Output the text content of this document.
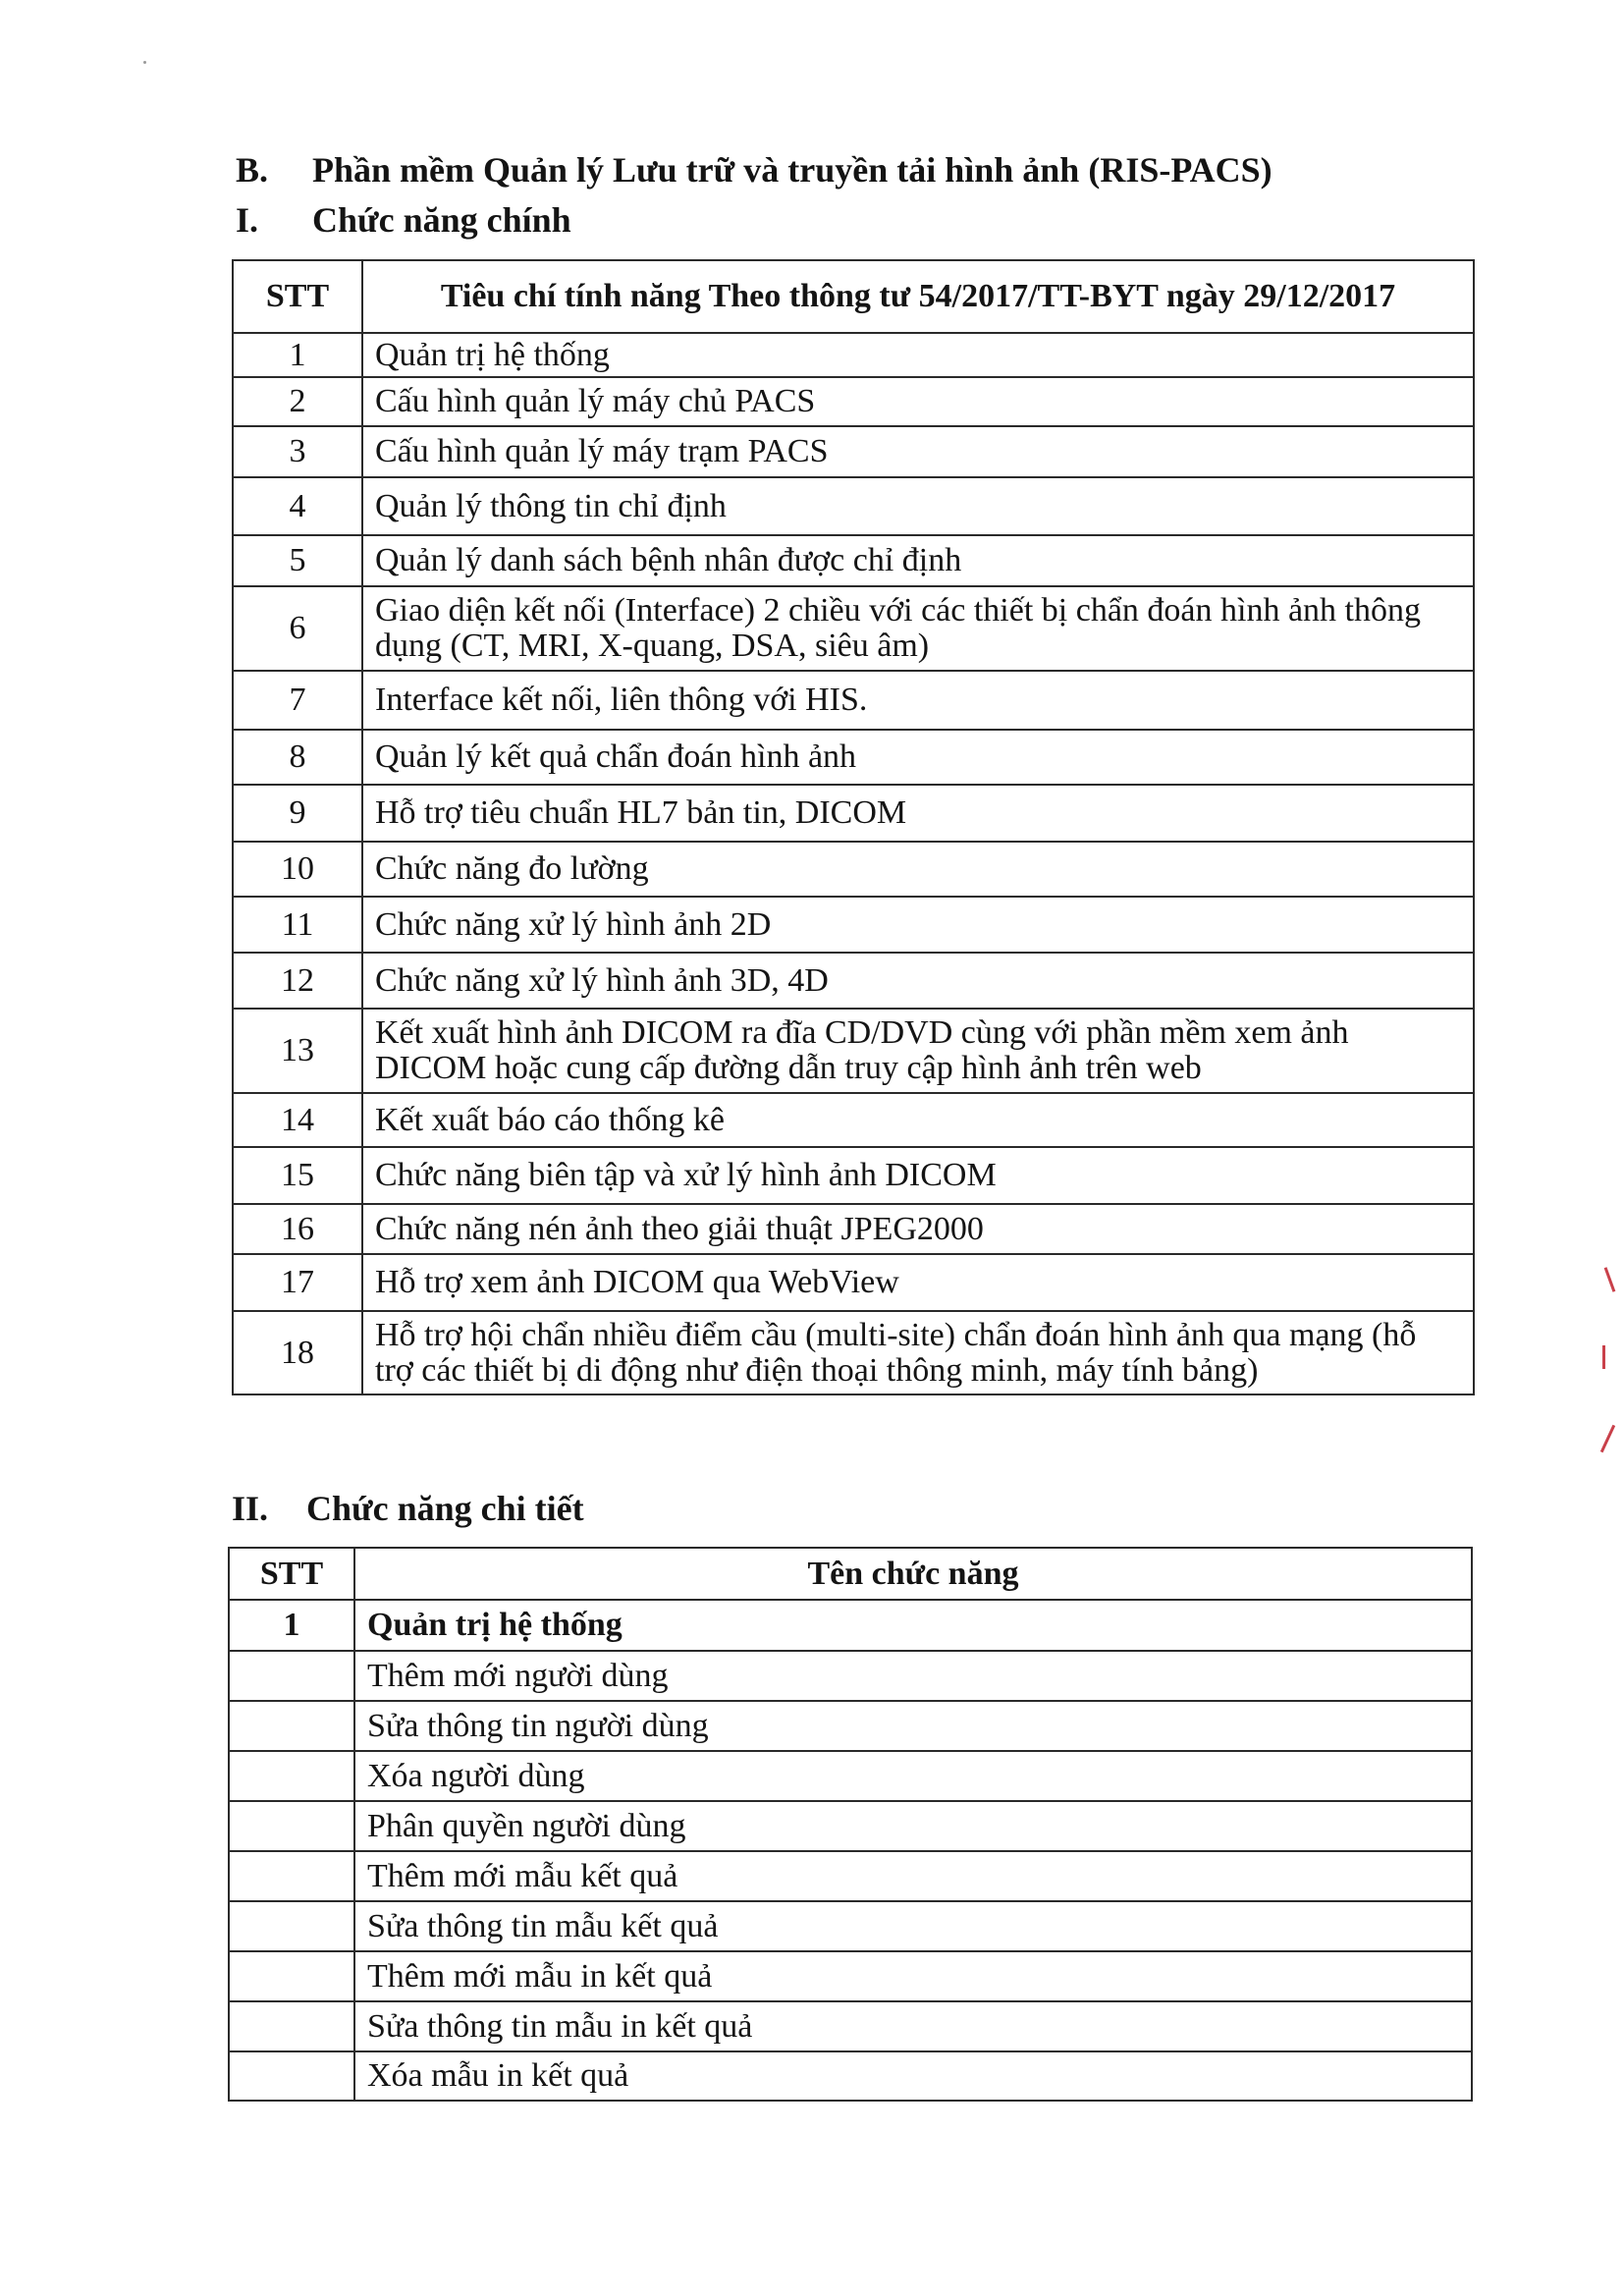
B. Phần mềm Quản lý Lưu trữ và truyền tải hình ảnh (RIS-PACS)
I. Chức năng chính
STT	Tiêu chí tính năng Theo thông tư 54/2017/TT-BYT ngày 29/12/2017
1	Quản trị hệ thống
2	Cấu hình quản lý máy chủ PACS
3	Cấu hình quản lý máy trạm PACS
4	Quản lý thông tin chỉ định
5	Quản lý danh sách bệnh nhân được chỉ định
6	Giao diện kết nối (Interface) 2 chiều với các thiết bị chẩn đoán hình ảnh thông dụng (CT, MRI, X-quang, DSA, siêu âm)
7	Interface kết nối, liên thông với HIS.
8	Quản lý kết quả chẩn đoán hình ảnh
9	Hỗ trợ tiêu chuẩn HL7 bản tin, DICOM
10	Chức năng đo lường
11	Chức năng xử lý hình ảnh 2D
12	Chức năng xử lý hình ảnh 3D, 4D
13	Kết xuất hình ảnh DICOM ra đĩa CD/DVD cùng với phần mềm xem ảnh DICOM hoặc cung cấp đường dẫn truy cập hình ảnh trên web
14	Kết xuất báo cáo thống kê
15	Chức năng biên tập và xử lý hình ảnh DICOM
16	Chức năng nén ảnh theo giải thuật JPEG2000
17	Hỗ trợ xem ảnh DICOM qua WebView
18	Hỗ trợ hội chẩn nhiều điểm cầu (multi-site) chẩn đoán hình ảnh qua mạng (hỗ trợ các thiết bị di động như điện thoại thông minh, máy tính bảng)
II. Chức năng chi tiết
STT	Tên chức năng
1	Quản trị hệ thống
	Thêm mới người dùng
	Sửa thông tin người dùng
	Xóa người dùng
	Phân quyền người dùng
	Thêm mới mẫu kết quả
	Sửa thông tin mẫu kết quả
	Thêm mới mẫu in kết quả
	Sửa thông tin mẫu in kết quả
	Xóa mẫu in kết quả
